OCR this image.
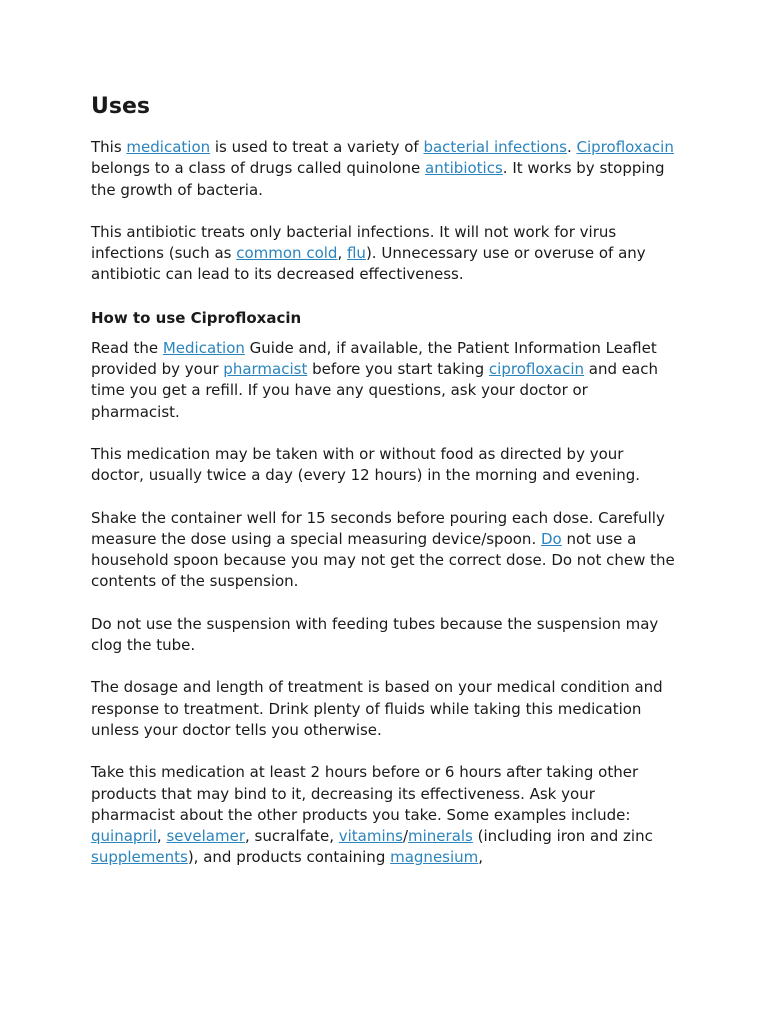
Uses

This medication is used to treat a variety of bacterial infections. Ciprofloxacin belongs to a class of drugs called quinolone antibiotics. It works by stopping the growth of bacteria.

This antibiotic treats only bacterial infections. It will not work for virus infections (such as common cold, flu). Unnecessary use or overuse of any antibiotic can lead to its decreased effectiveness.

How to use Ciprofloxacin

Read the Medication Guide and, if available, the Patient Information Leaflet provided by your pharmacist before you start taking ciprofloxacin and each time you get a refill. If you have any questions, ask your doctor or pharmacist.

This medication may be taken with or without food as directed by your doctor, usually twice a day (every 12 hours) in the morning and evening.

Shake the container well for 15 seconds before pouring each dose. Carefully measure the dose using a special measuring device/spoon. Do not use a household spoon because you may not get the correct dose. Do not chew the contents of the suspension.

Do not use the suspension with feeding tubes because the suspension may clog the tube.

The dosage and length of treatment is based on your medical condition and response to treatment. Drink plenty of fluids while taking this medication unless your doctor tells you otherwise.

Take this medication at least 2 hours before or 6 hours after taking other products that may bind to it, decreasing its effectiveness. Ask your pharmacist about the other products you take. Some examples include: quinapril, sevelamer, sucralfate, vitamins/minerals (including iron and zinc supplements), and products containing magnesium,
